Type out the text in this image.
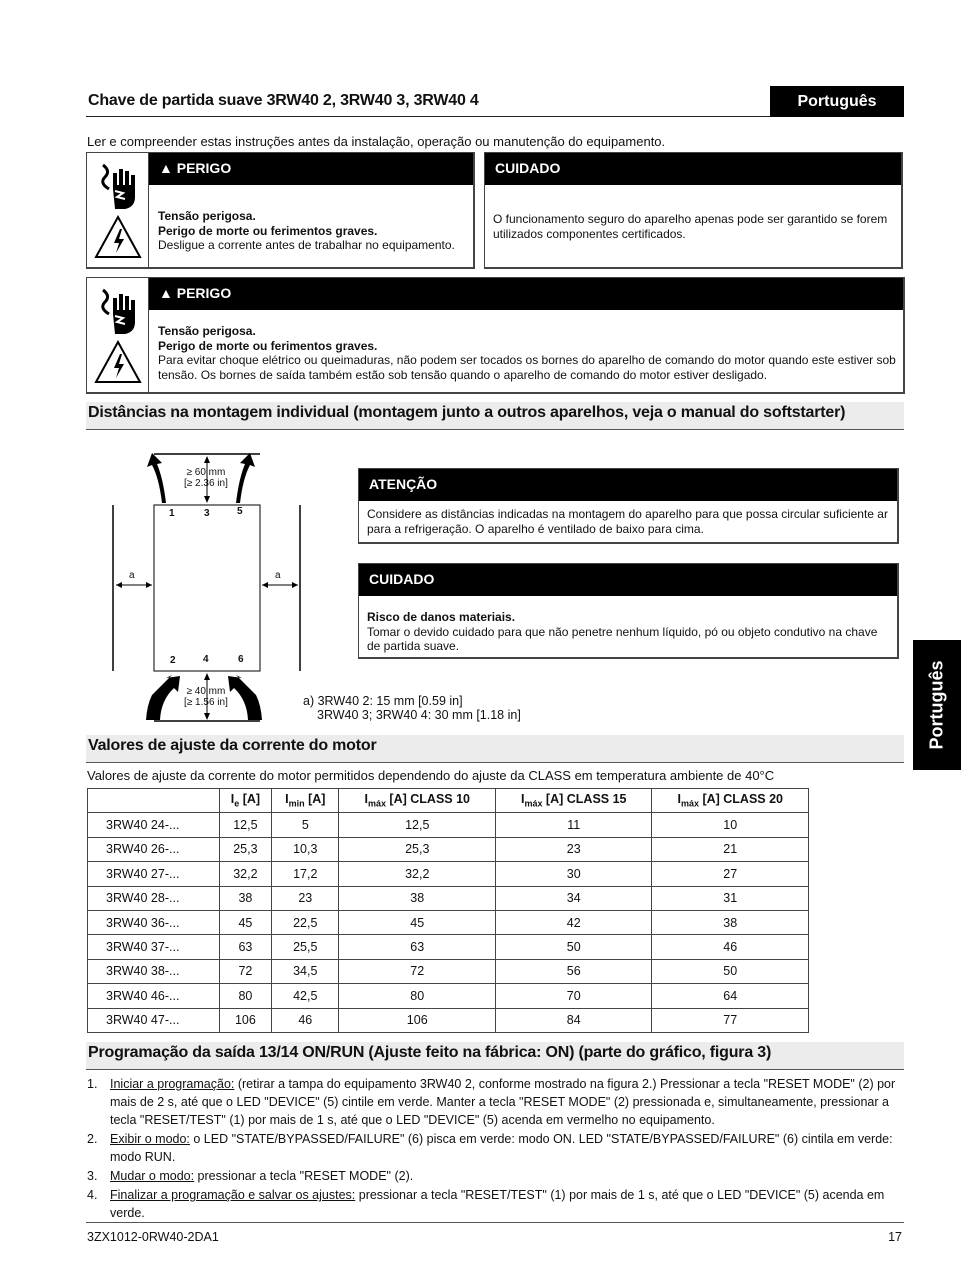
Chave de partida suave 3RW40 2, 3RW40 3, 3RW40 4	Português
Ler e compreender estas instruções antes da instalação, operação ou manutenção do equipamento.
▲ PERIGO
Tensão perigosa.
Perigo de morte ou ferimentos graves.
Desligue a corrente antes de trabalhar no equipamento.
CUIDADO
O funcionamento seguro do aparelho apenas pode ser garantido se forem utilizados componentes certificados.
▲ PERIGO
Tensão perigosa.
Perigo de morte ou ferimentos graves.
Para evitar choque elétrico ou queimaduras, não podem ser tocados os bornes do aparelho de comando do motor quando este estiver sob tensão. Os bornes de saída também estão sob tensão quando o aparelho de comando do motor estiver desligado.
Distâncias na montagem individual (montagem junto a outros aparelhos, veja o manual do softstarter)
≥ 60 mm
[≥ 2.36 in]
≥ 40 mm
[≥ 1.56 in]
a	a
1	3	5
2	4	6
a) 3RW40 2: 15 mm [0.59 in]
3RW40 3; 3RW40 4: 30 mm [1.18 in]
ATENÇÃO
Considere as distâncias indicadas na montagem do aparelho para que possa circular suficiente ar para a refrigeração. O aparelho é ventilado de baixo para cima.
CUIDADO
Risco de danos materiais.
Tomar o devido cuidado para que não penetre nenhum líquido, pó ou objeto condutivo na chave de partida suave.
Português
Valores de ajuste da corrente do motor
Valores de ajuste da corrente do motor permitidos dependendo do ajuste da CLASS em temperatura ambiente de 40°C
	$I_e$ [A]	$I_{min}$ [A]	$I_{máx}$ [A] CLASS 10	$I_{máx}$ [A] CLASS 15	$I_{máx}$ [A] CLASS 20
3RW40 24-...	12,5	5	12,5	11	10
3RW40 26-...	25,3	10,3	25,3	23	21
3RW40 27-...	32,2	17,2	32,2	30	27
3RW40 28-...	38	23	38	34	31
3RW40 36-...	45	22,5	45	42	38
3RW40 37-...	63	25,5	63	50	46
3RW40 38-...	72	34,5	72	56	50
3RW40 46-...	80	42,5	80	70	64
3RW40 47-...	106	46	106	84	77
Programação da saída 13/14 ON/RUN (Ajuste feito na fábrica: ON) (parte do gráfico, figura 3)
1. Iniciar a programação: (retirar a tampa do equipamento 3RW40 2, conforme mostrado na figura 2.) Pressionar a tecla "RESET MODE" (2) por mais de 2 s, até que o LED "DEVICE" (5) cintile em verde. Manter a tecla "RESET MODE" (2) pressionada e, simultaneamente, pressionar a tecla "RESET/TEST" (1) por mais de 1 s, até que o LED "DEVICE" (5) acenda em vermelho no equipamento.
2. Exibir o modo: o LED "STATE/BYPASSED/FAILURE" (6) pisca em verde: modo ON. LED "STATE/BYPASSED/FAILURE" (6) cintila em verde: modo RUN.
3. Mudar o modo: pressionar a tecla "RESET MODE" (2).
4. Finalizar a programação e salvar os ajustes: pressionar a tecla "RESET/TEST" (1) por mais de 1 s, até que o LED "DEVICE" (5) acenda em verde.
3ZX1012-0RW40-2DA1	17
